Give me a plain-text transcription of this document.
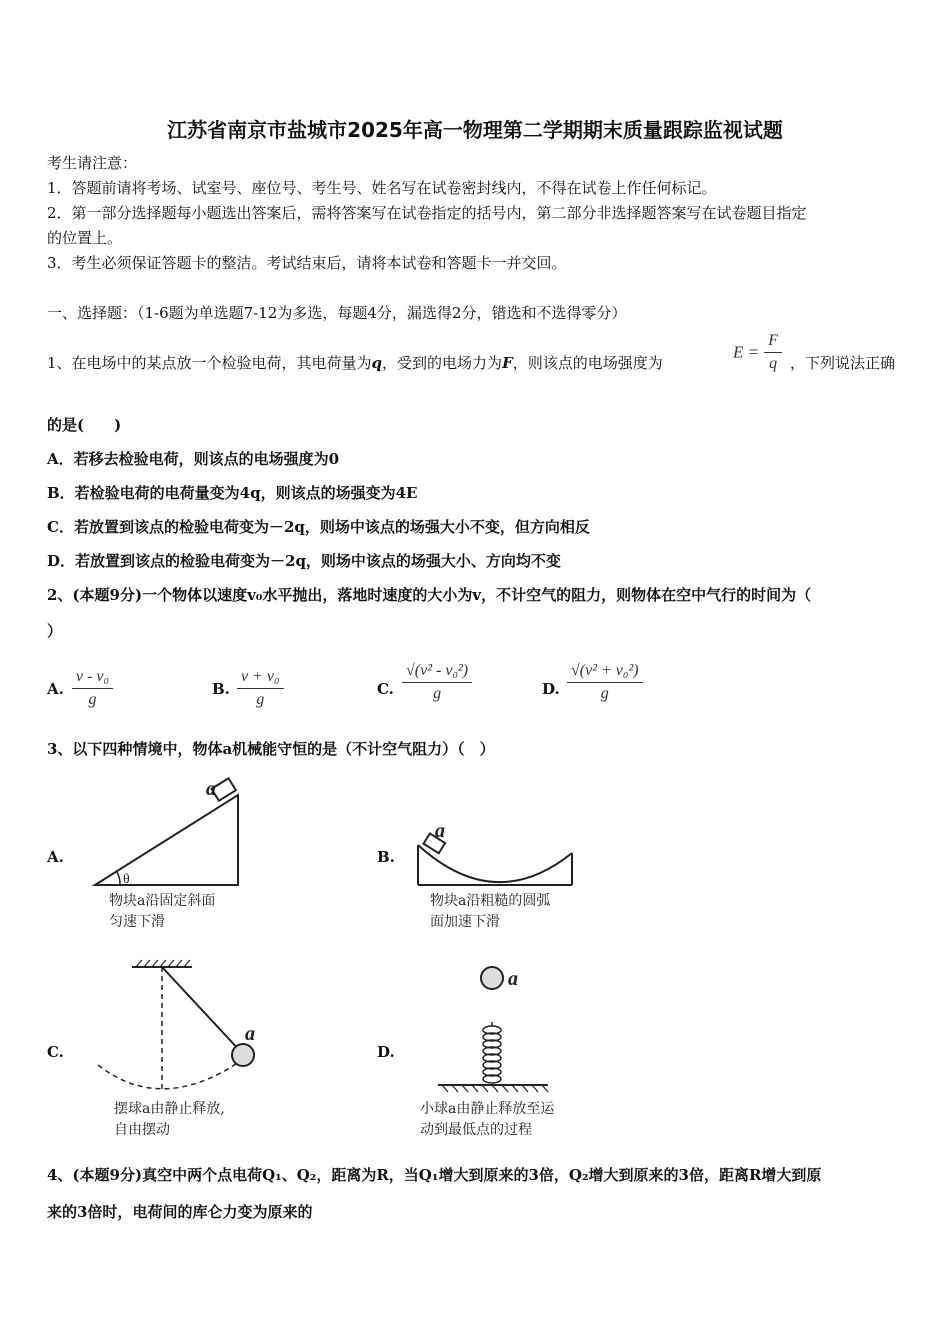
江苏省南京市盐城市2025年高一物理第二学期期末质量跟踪监视试题
考生请注意：
1．答题前请将考场、试室号、座位号、考生号、姓名写在试卷密封线内，不得在试卷上作任何标记。
2．第一部分选择题每小题选出答案后，需将答案写在试卷指定的括号内，第二部分非选择题答案写在试卷题目指定
的位置上。
3．考生必须保证答题卡的整洁。考试结束后，请将本试卷和答题卡一并交回。
一、选择题：（1-6题为单选题7-12为多选，每题4分，漏选得2分，错选和不选得零分）
1、在电场中的某点放一个检验电荷，其电荷量为q，受到的电场力为F，则该点的电场强度为
$E = \frac{F}{q}$ ，下列说法正确
的是(　　)
A．若移去检验电荷，则该点的电场强度为0
B．若检验电荷的电荷量变为4q，则该点的场强变为4E
C．若放置到该点的检验电荷变为－2q，则场中该点的场强大小不变，但方向相反
D．若放置到该点的检验电荷变为－2q，则场中该点的场强大小、方向均不变
2、(本题9分)一个物体以速度v₀水平抛出，落地时速度的大小为v，不计空气的阻力，则物体在空中气行的时间为（
）
A. $\frac{\text{v - v₀}}{g}$	B. $\frac{\text{v + v₀}}{g}$	C. $\frac{\text{√(v² - v₀²)}}{g}$	D. $\frac{\text{√(v² + v₀²)}}{g}$
3、以下四种情境中，物体a机械能守恒的是（不计空气阻力）（　）
A.
a
θ
物块a沿固定斜面
匀速下滑
B.
a
物块a沿粗糙的圆弧
面加速下滑
C.
a
摆球a由静止释放,
自由摆动
D.
a
小球a由静止释放至运
动到最低点的过程
4、(本题9分)真空中两个点电荷Q₁、Q₂，距离为R，当Q₁增大到原来的3倍，Q₂增大到原来的3倍，距离R增大到原
来的3倍时，电荷间的库仑力变为原来的
